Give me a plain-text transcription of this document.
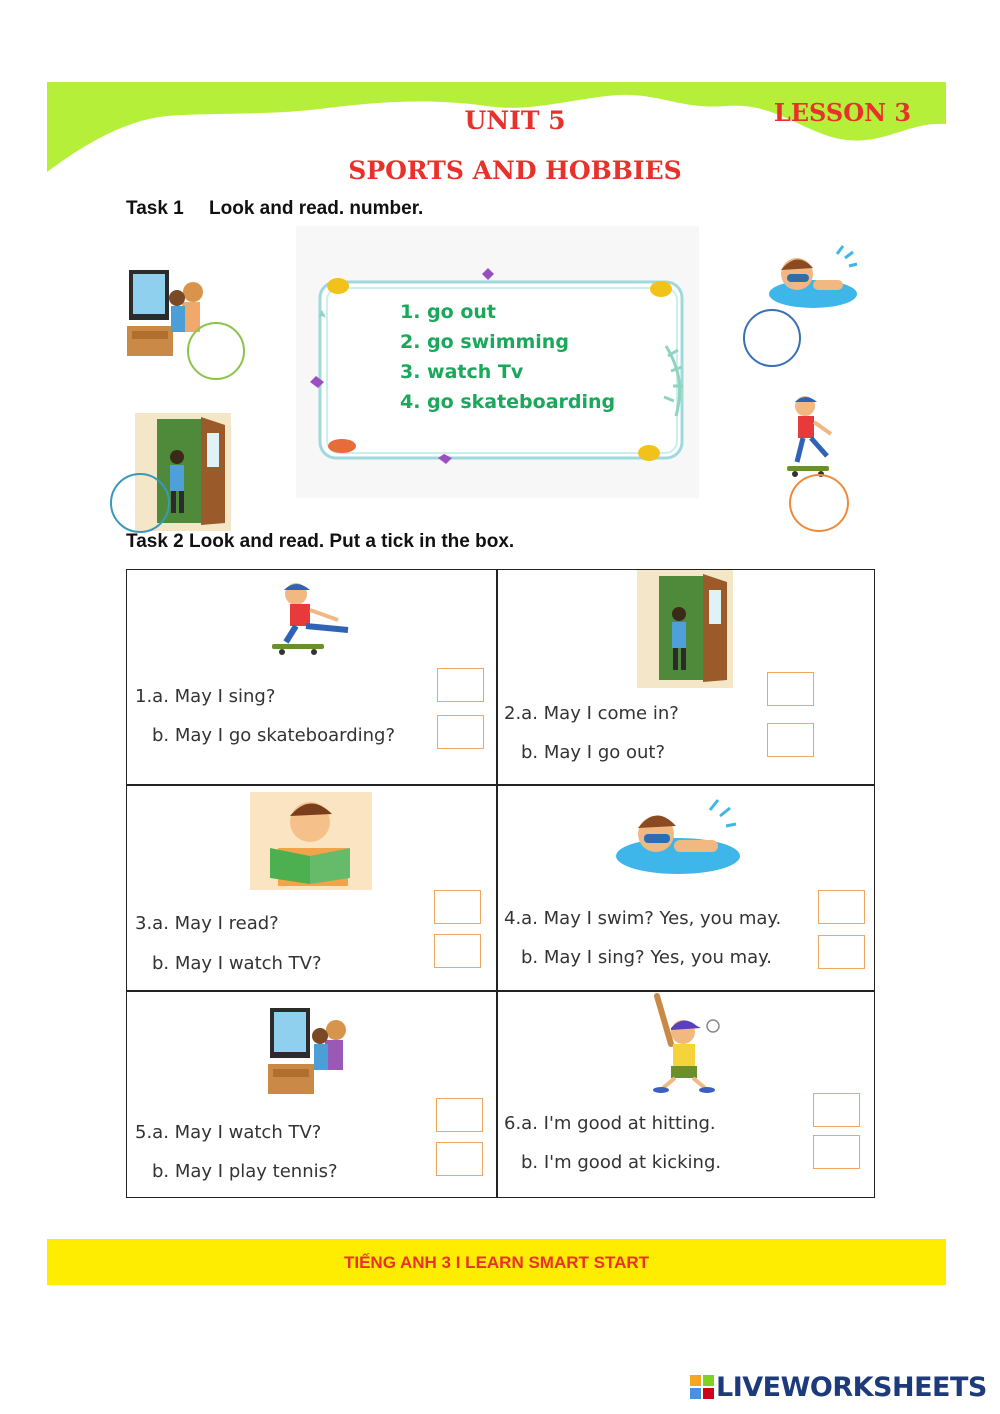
UNIT 5	LESSON 3
SPORTS AND HOBBIES
Task 1 Look and read. number.
1. go out
2. go swimming
3. watch Tv
4. go skateboarding
Task 2 Look and read. Put a tick in the box.
1.a. May I sing?
b. May I go skateboarding?
2.a. May I come in?
b. May I go out?
3.a. May I read?
b. May I watch TV?
4.a. May I swim? Yes, you may.
b. May I sing? Yes, you may.
5.a. May I watch TV?
b. May I play tennis?
6.a. I'm good at hitting.
b. I'm good at kicking.
TIẾNG ANH 3 I LEARN SMART START
LIVEWORKSHEETS
